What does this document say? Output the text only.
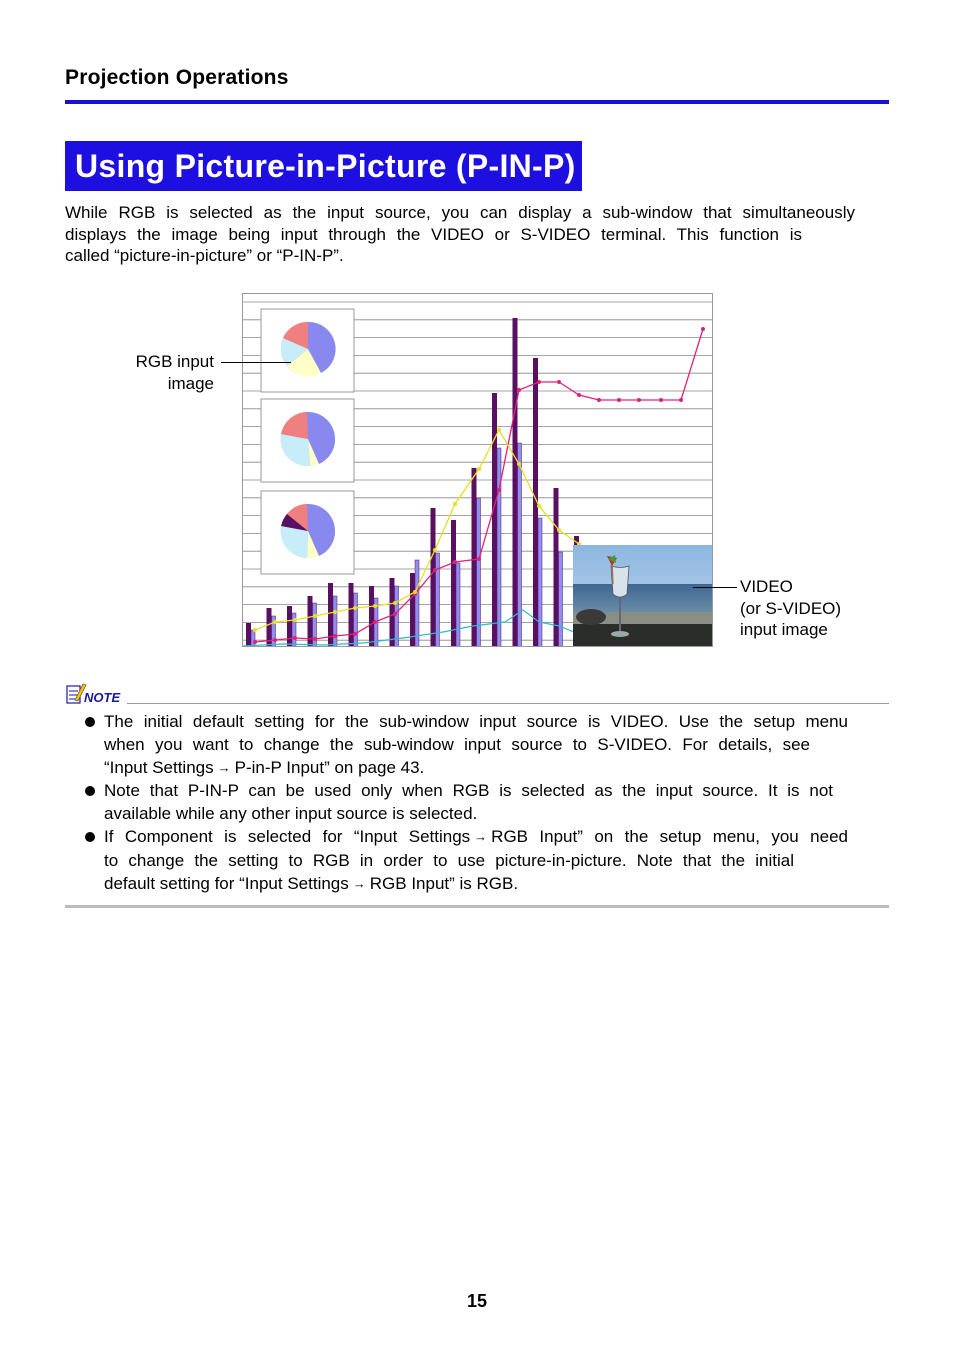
Projection Operations
Using Picture-in-Picture (P-IN-P)
While RGB is selected as the input source, you can display a sub-window that simultaneously
displays the image being input through the VIDEO or S-VIDEO terminal. This function is
called “picture-in-picture” or “P-IN-P”.
RGB input
image
VIDEO
(or S-VIDEO)
input image
NOTE
The initial default setting for the sub-window input source is VIDEO. Use the setup menu
when you want to change the sub-window input source to S-VIDEO. For details, see
“Input Settings → P-in-P Input” on page 43.
Note that P-IN-P can be used only when RGB is selected as the input source. It is not
available while any other input source is selected.
If Component is selected for “Input Settings → RGB Input” on the setup menu, you need
to change the setting to RGB in order to use picture-in-picture. Note that the initial
default setting for “Input Settings → RGB Input” is RGB.
15
